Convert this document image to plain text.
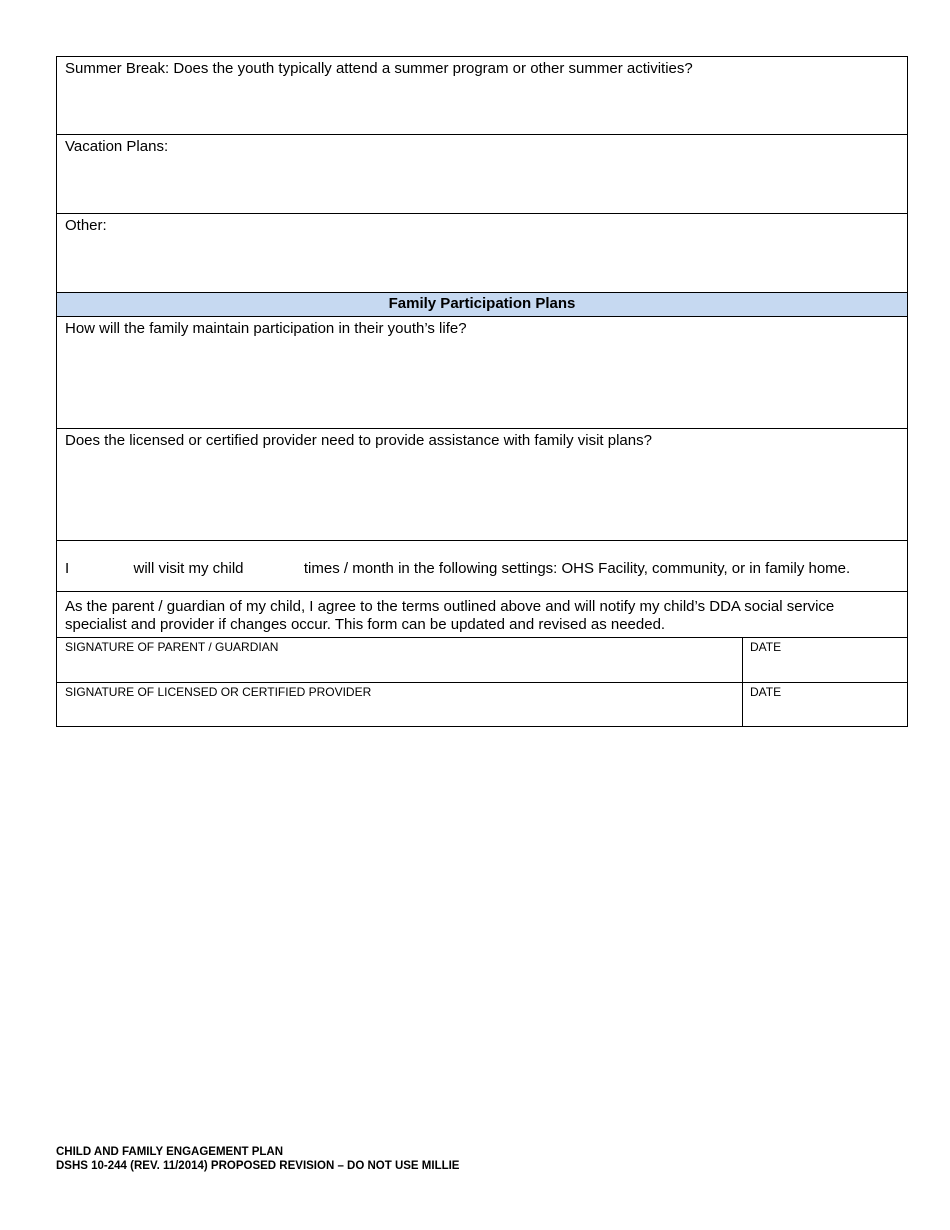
Summer Break: Does the youth typically attend a summer program or other summer activities?
Vacation Plans:
Other:
Family Participation Plans
How will the family maintain participation in their youth’s life?
Does the licensed or certified provider need to provide assistance with family visit plans?
I	will visit my child	times / month in the following settings: OHS Facility, community, or in family home.
As the parent / guardian of my child, I agree to the terms outlined above and will notify my child’s DDA social service specialist and provider if changes occur. This form can be updated and revised as needed.
SIGNATURE OF PARENT / GUARDIAN	DATE
SIGNATURE OF LICENSED OR CERTIFIED PROVIDER	DATE
CHILD AND FAMILY ENGAGEMENT PLAN
DSHS 10-244 (REV. 11/2014) PROPOSED REVISION – DO NOT USE MILLIE
